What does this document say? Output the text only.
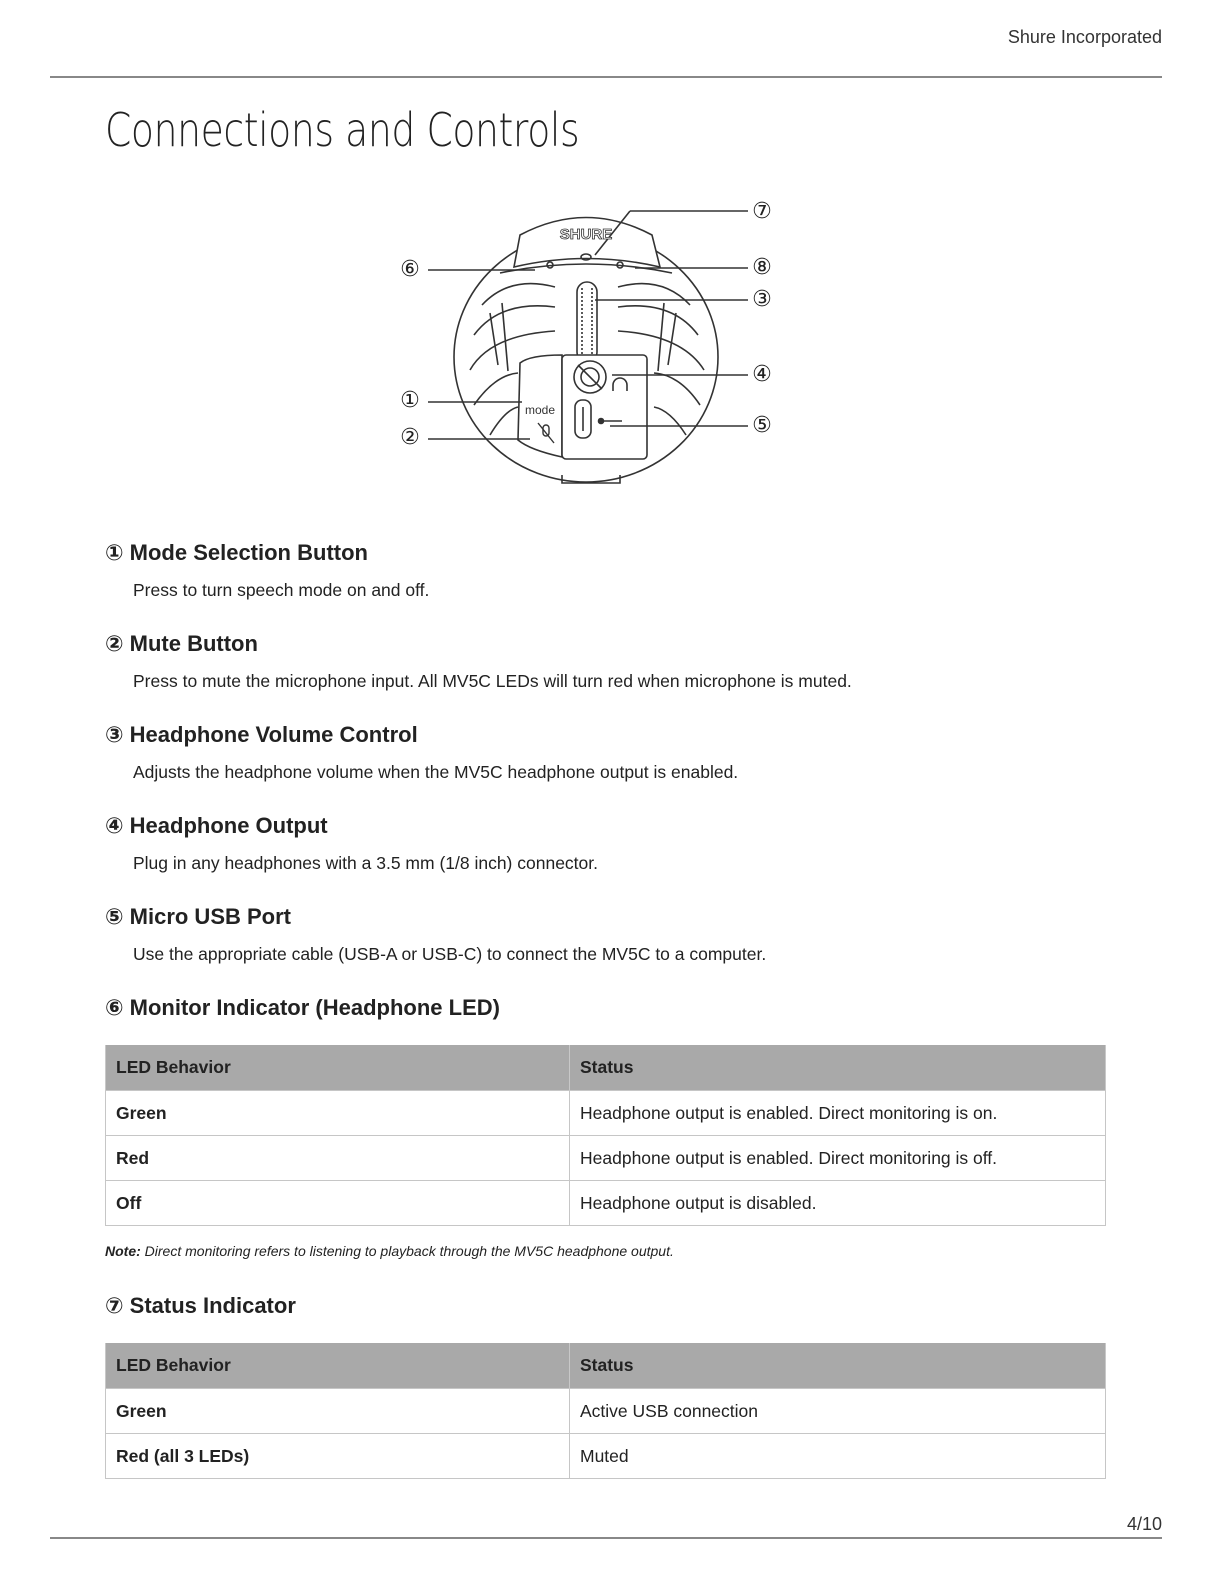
Shure Incorporated
Connections and Controls
SHURE
mode
①
②
③
④
⑤
⑥
⑦
⑧
① Mode Selection Button

Press to turn speech mode on and off.

② Mute Button

Press to mute the microphone input. All MV5C LEDs will turn red when microphone is muted.

③ Headphone Volume Control

Adjusts the headphone volume when the MV5C headphone output is enabled.

④ Headphone Output

Plug in any headphones with a 3.5 mm (1/8 inch) connector.

⑤ Micro USB Port

Use the appropriate cable (USB-A or USB-C) to connect the MV5C to a computer.

⑥ Monitor Indicator (Headphone LED)
LED Behavior	Status
Green	Headphone output is enabled. Direct monitoring is on.
Red	Headphone output is enabled. Direct monitoring is off.
Off	Headphone output is disabled.

Note: Direct monitoring refers to listening to playback through the MV5C headphone output.

⑦ Status Indicator
LED Behavior	Status
Green	Active USB connection
Red (all 3 LEDs)	Muted
4/10
